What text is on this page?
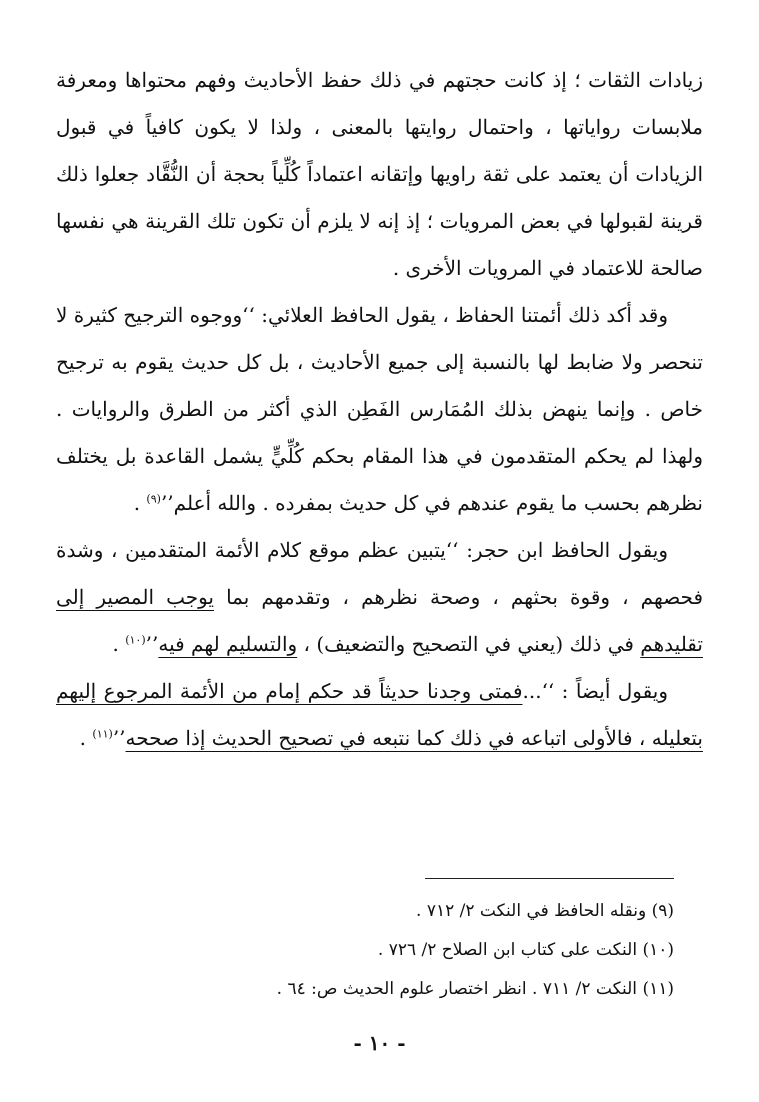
زيادات الثقات ؛ إذ كانت حجتهم في ذلك حفظ الأحاديث وفهم محتواها ومعرفة ملابسات رواياتها ، واحتمال روايتها بالمعنى ، ولذا لا يكون كافياً في قبول الزيادات أن يعتمد على ثقة راويها وإتقانه اعتماداً كُلِّياً بحجة أن النُّقَّاد جعلوا ذلك قرينة لقبولها في بعض المرويات ؛ إذ إنه لا يلزم أن تكون تلك القرينة هي نفسها صالحة للاعتماد في المرويات الأخرى .

وقد أكد ذلك أئمتنا الحفاظ ، يقول الحافظ العلائي: ‘‘ووجوه الترجيح كثيرة لا تنحصر ولا ضابط لها بالنسبة إلى جميع الأحاديث ، بل كل حديث يقوم به ترجيح خاص . وإنما ينهض بذلك المُمَارس الفَطِن الذي أكثر من الطرق والروايات . ولهذا لم يحكم المتقدمون في هذا المقام بحكم كُلِّيٍّ يشمل القاعدة بل يختلف نظرهم بحسب ما يقوم عندهم في كل حديث بمفرده . والله أعلم’’$^{(٩)}$ .

ويقول الحافظ ابن حجر: ‘‘يتبين عظم موقع كلام الأئمة المتقدمين ، وشدة فحصهم ، وقوة بحثهم ، وصحة نظرهم ، وتقدمهم بما يوجب المصير إلى تقليدهم في ذلك (يعني في التصحيح والتضعيف) ، والتسليم لهم فيه’’$^{(١٠)}$ .

ويقول أيضاً : ‘‘...فمتى وجدنا حديثاً قد حكم إمام من الأئمة المرجوع إليهم بتعليله ، فالأولى اتباعه في ذلك كما نتبعه في تصحيح الحديث إذا صححه’’$^{(١١)}$ .

(٩) ونقله الحافظ في النكت ٢/ ٧١٢ .

(١٠) النكت على كتاب ابن الصلاح ٢/ ٧٢٦ .

(١١) النكت ٢/ ٧١١ . انظر اختصار علوم الحديث ص: ٦٤ .

- ١٠ -
